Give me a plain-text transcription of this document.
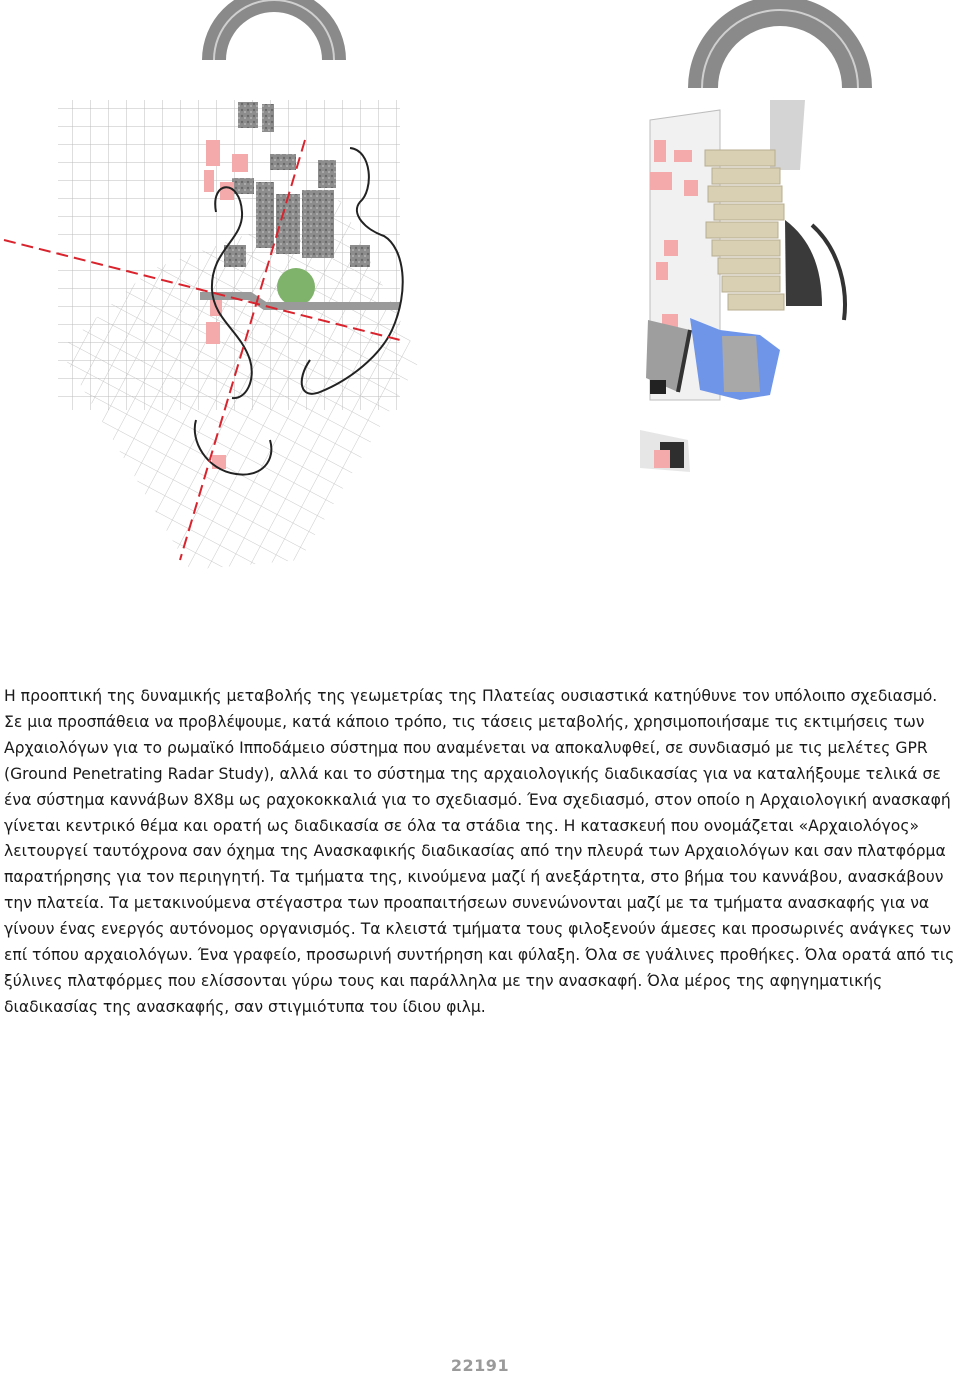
Η προοπτική της δυναμικής μεταβολής της γεωμετρίας της Πλατείας ουσιαστικά κατηύθυνε τον υπόλοιπο σχεδιασμό. Σε μια προσπάθεια να προβλέψουμε, κατά κάποιο τρόπο, τις τάσεις μεταβολής, χρησιμοποιήσαμε τις εκτιμήσεις των Αρχαιολόγων για το ρωμαϊκό Ιπποδάμειο σύστημα που αναμένεται να αποκαλυφθεί, σε συνδιασμό με τις μελέτες GPR (Ground Penetrating Radar Study), αλλά και το σύστημα της αρχαιολογικής διαδικασίας για να καταλήξουμε τελικά σε ένα σύστημα καννάβων 8Χ8μ ως ραχοκοκκαλιά για το σχεδιασμό. Ένα σχεδιασμό, στον οποίο η Αρχαιολογική ανασκαφή γίνεται κεντρικό θέμα και ορατή ως διαδικασία σε όλα τα στάδια της. Η κατασκευή που ονομάζεται «Αρχαιολόγος» λειτουργεί ταυτόχρονα σαν όχημα της Ανασκαφικής διαδικασίας από την πλευρά των Αρχαιολόγων και σαν πλατφόρμα παρατήρησης για τον περιηγητή. Τα τμήματα της, κινούμενα μαζί ή ανεξάρτητα, στο βήμα του καννάβου, ανασκάβουν την πλατεία. Τα μετακινούμενα στέγαστρα των προαπαιτήσεων συνενώνονται μαζί με τα τμήματα ανασκαφής για να γίνουν ένας ενεργός αυτόνομος οργανισμός. Τα κλειστά τμήματα τους φιλοξενούν άμεσες και προσωρινές ανάγκες των επί τόπου αρχαιολόγων. Ένα γραφείο, προσωρινή συντήρηση και φύλαξη. Όλα σε γυάλινες προθήκες. Όλα ορατά από τις ξύλινες πλατφόρμες που ελίσσονται γύρω τους και παράλληλα με την ανασκαφή. Όλα μέρος της αφηγηματικής διαδικασίας της ανασκαφής, σαν στιγμιότυπα του ίδιου φιλμ.

22191
